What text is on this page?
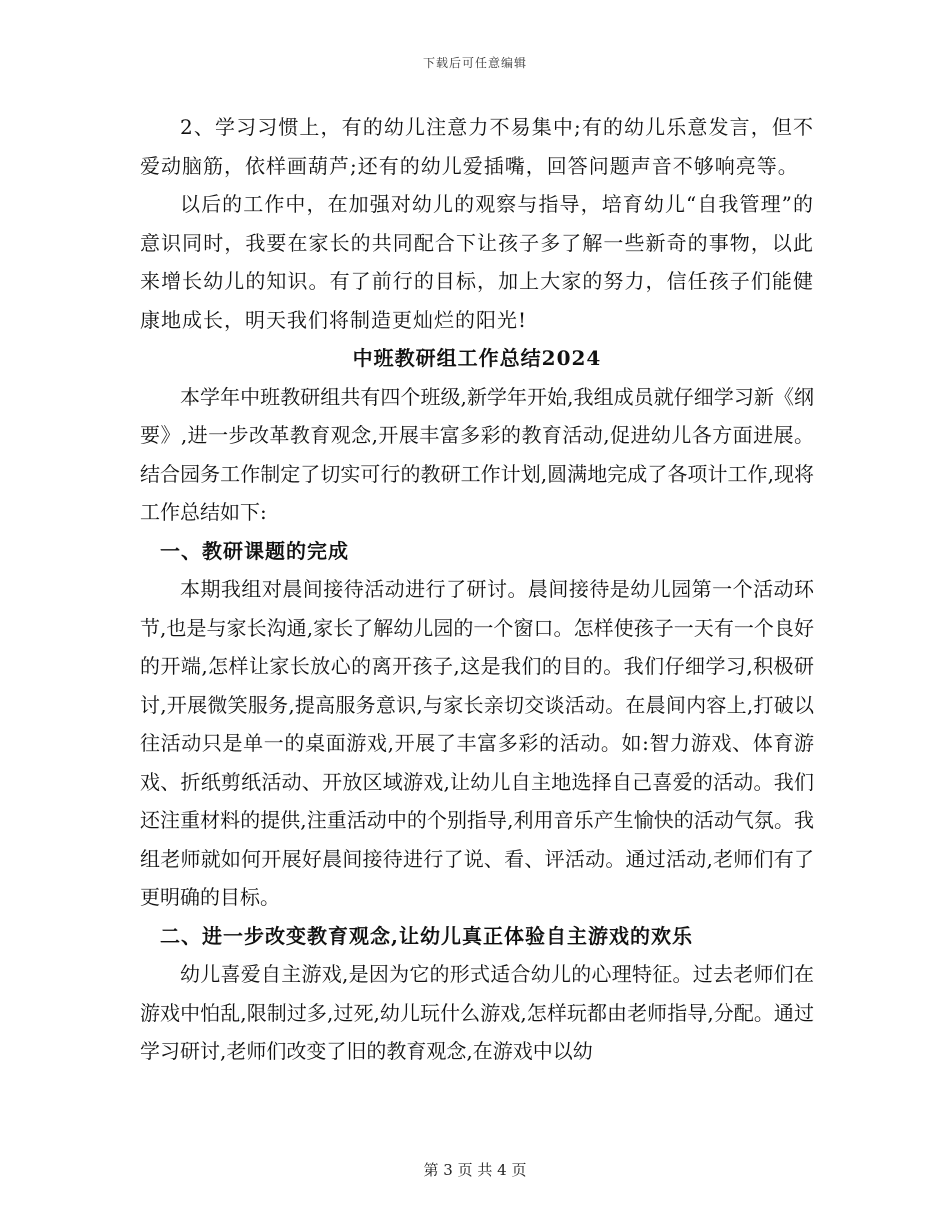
下载后可任意编辑

2、学习习惯上，有的幼儿注意力不易集中;有的幼儿乐意发言，但不爱动脑筋，依样画葫芦;还有的幼儿爱插嘴，回答问题声音不够响亮等。

以后的工作中，在加强对幼儿的观察与指导，培育幼儿“自我管理”的意识同时，我要在家长的共同配合下让孩子多了解一些新奇的事物，以此来增长幼儿的知识。有了前行的目标，加上大家的努力，信任孩子们能健康地成长，明天我们将制造更灿烂的阳光!

中班教研组工作总结2024

本学年中班教研组共有四个班级,新学年开始,我组成员就仔细学习新《纲要》,进一步改革教育观念,开展丰富多彩的教育活动,促进幼儿各方面进展。结合园务工作制定了切实可行的教研工作计划,圆满地完成了各项计工作,现将工作总结如下:

一、教研课题的完成

本期我组对晨间接待活动进行了研讨。晨间接待是幼儿园第一个活动环节,也是与家长沟通,家长了解幼儿园的一个窗口。怎样使孩子一天有一个良好的开端,怎样让家长放心的离开孩子,这是我们的目的。我们仔细学习,积极研讨,开展微笑服务,提高服务意识,与家长亲切交谈活动。在晨间内容上,打破以往活动只是单一的桌面游戏,开展了丰富多彩的活动。如:智力游戏、体育游戏、折纸剪纸活动、开放区域游戏,让幼儿自主地选择自己喜爱的活动。我们还注重材料的提供,注重活动中的个别指导,利用音乐产生愉快的活动气氛。我组老师就如何开展好晨间接待进行了说、看、评活动。通过活动,老师们有了更明确的目标。

二、进一步改变教育观念,让幼儿真正体验自主游戏的欢乐

幼儿喜爱自主游戏,是因为它的形式适合幼儿的心理特征。过去老师们在游戏中怕乱,限制过多,过死,幼儿玩什么游戏,怎样玩都由老师指导,分配。通过学习研讨,老师们改变了旧的教育观念,在游戏中以幼

第 3 页 共 4 页
